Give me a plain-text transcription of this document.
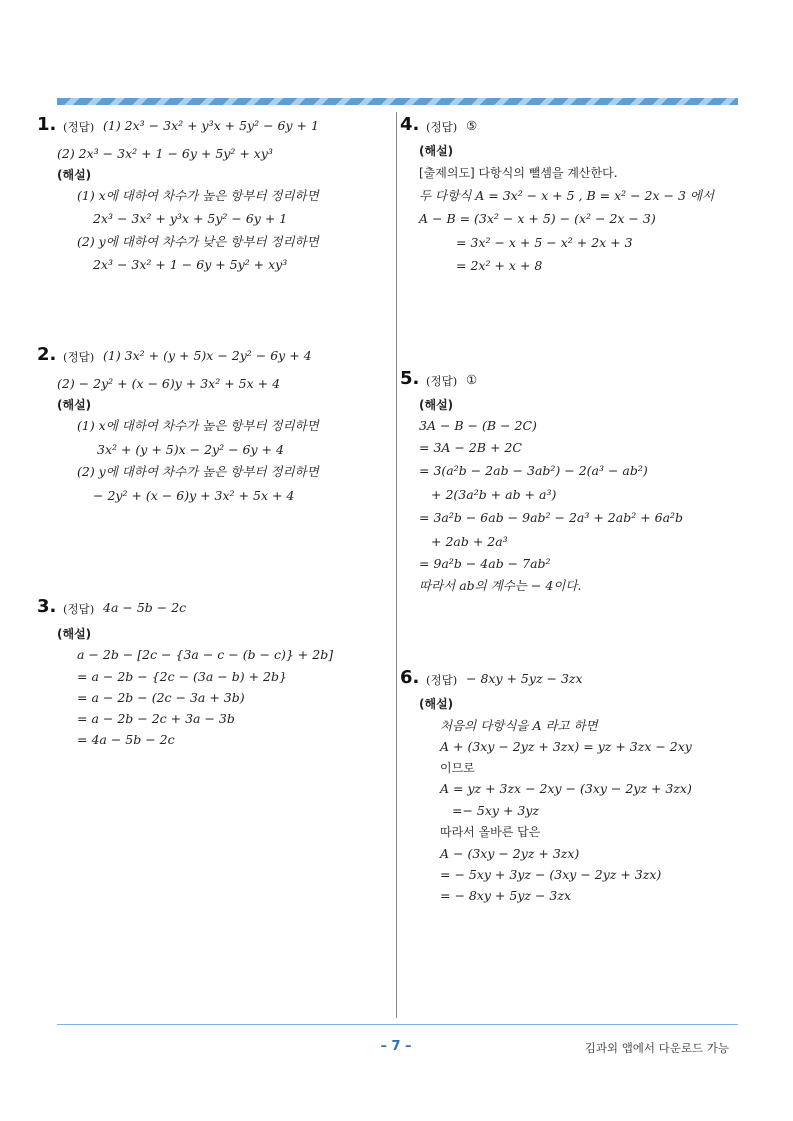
1. (정답) (1) 2x³ − 3x² + y³x + 5y² − 6y + 1
(2) 2x³ − 3x² + 1 − 6y + 5y² + xy³
(해설)
(1) x에 대하여 차수가 높은 항부터 정리하면
2x³ − 3x² + y³x + 5y² − 6y + 1
(2) y에 대하여 차수가 낮은 항부터 정리하면
2x³ − 3x² + 1 − 6y + 5y² + xy³
2. (정답) (1) 3x² + (y + 5)x − 2y² − 6y + 4
(2) − 2y² + (x − 6)y + 3x² + 5x + 4
(해설)
(1) x에 대하여 차수가 높은 항부터 정리하면
3x² + (y + 5)x − 2y² − 6y + 4
(2) y에 대하여 차수가 높은 항부터 정리하면
− 2y² + (x − 6)y + 3x² + 5x + 4
3. (정답) 4a − 5b − 2c
(해설)
a − 2b − [2c − {3a − c − (b − c)} + 2b]
= a − 2b − {2c − (3a − b) + 2b}
= a − 2b − (2c − 3a + 3b)
= a − 2b − 2c + 3a − 3b
= 4a − 5b − 2c
4. (정답) ⑤
(해설)
[출제의도] 다항식의 뺄셈을 계산한다.
두 다항식 A = 3x² − x + 5 , B = x² − 2x − 3 에서
A − B = (3x² − x + 5) − (x² − 2x − 3)
= 3x² − x + 5 − x² + 2x + 3
= 2x² + x + 8
5. (정답) ①
(해설)
3A − B − (B − 2C)
= 3A − 2B + 2C
= 3(a²b − 2ab − 3ab²) − 2(a³ − ab²)
+ 2(3a²b + ab + a³)
= 3a²b − 6ab − 9ab² − 2a³ + 2ab² + 6a²b
+ 2ab + 2a³
= 9a²b − 4ab − 7ab²
따라서 ab의 계수는 − 4이다.
6. (정답) − 8xy + 5yz − 3zx
(해설)
처음의 다항식을 A 라고 하면
A + (3xy − 2yz + 3zx) = yz + 3zx − 2xy
이므로
A = yz + 3zx − 2xy − (3xy − 2yz + 3zx)
=− 5xy + 3yz
따라서 올바른 답은
A − (3xy − 2yz + 3zx)
= − 5xy + 3yz − (3xy − 2yz + 3zx)
= − 8xy + 5yz − 3zx
– 7 –	김과외 앱에서 다운로드 가능
